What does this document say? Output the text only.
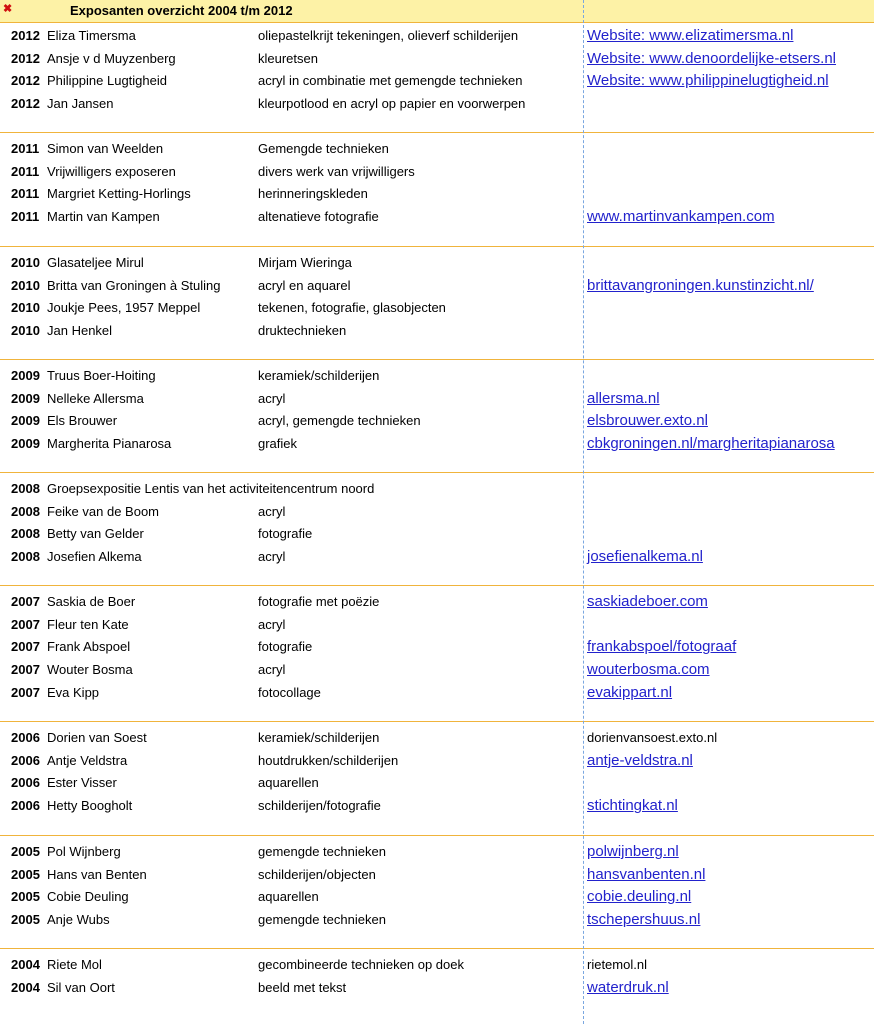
✖	Exposanten overzicht 2004 t/m 2012
2012 Eliza Timersma	oliepastelkrijt tekeningen, olieverf schilderijen	Website: www.elizatimersma.nl
2012 Ansje v d Muyzenberg	kleuretsen	Website: www.denoordelijke-etsers.nl
2012 Philippine Lugtigheid	acryl in combinatie met gemengde technieken	Website: www.philippinelugtigheid.nl
2012 Jan Jansen	kleurpotlood en acryl op papier en voorwerpen
2011 Simon van Weelden	Gemengde technieken
2011 Vrijwilligers exposeren	divers werk van vrijwilligers
2011 Margriet Ketting-Horlings	herinneringskleden
2011 Martin van Kampen	altenatieve fotografie	www.martinvankampen.com
2010 Glasateljee Mirul	Mirjam Wieringa
2010 Britta van Groningen à Stuling	acryl en aquarel	brittavangroningen.kunstinzicht.nl/
2010 Joukje Pees, 1957 Meppel	tekenen, fotografie, glasobjecten
2010 Jan Henkel	druktechnieken
2009 Truus Boer-Hoiting	keramiek/schilderijen
2009 Nelleke Allersma	acryl	allersma.nl
2009 Els Brouwer	acryl, gemengde technieken	elsbrouwer.exto.nl
2009 Margherita Pianarosa	grafiek	cbkgroningen.nl/margheritapianarosa
2008 Groepsexpositie Lentis van het activiteitencentrum noord
2008 Feike van de Boom	acryl
2008 Betty van Gelder	fotografie
2008 Josefien Alkema	acryl	josefienalkema.nl
2007 Saskia de Boer	fotografie met poëzie	saskiadeboer.com
2007 Fleur ten Kate	acryl
2007 Frank Abspoel	fotografie	frankabspoel/fotograaf
2007 Wouter Bosma	acryl	wouterbosma.com
2007 Eva Kipp	fotocollage	evakippart.nl
2006 Dorien van Soest	keramiek/schilderijen	dorienvansoest.exto.nl
2006 Antje Veldstra	houtdrukken/schilderijen	antje-veldstra.nl
2006 Ester Visser	aquarellen
2006 Hetty Boogholt	schilderijen/fotografie	stichtingkat.nl
2005 Pol Wijnberg	gemengde technieken	polwijnberg.nl
2005 Hans van Benten	schilderijen/objecten	hansvanbenten.nl
2005 Cobie Deuling	aquarellen	cobie.deuling.nl
2005 Anje Wubs	gemengde technieken	tschepershuus.nl
2004 Riete Mol	gecombineerde technieken op doek	rietemol.nl
2004 Sil van Oort	beeld met tekst	waterdruk.nl
